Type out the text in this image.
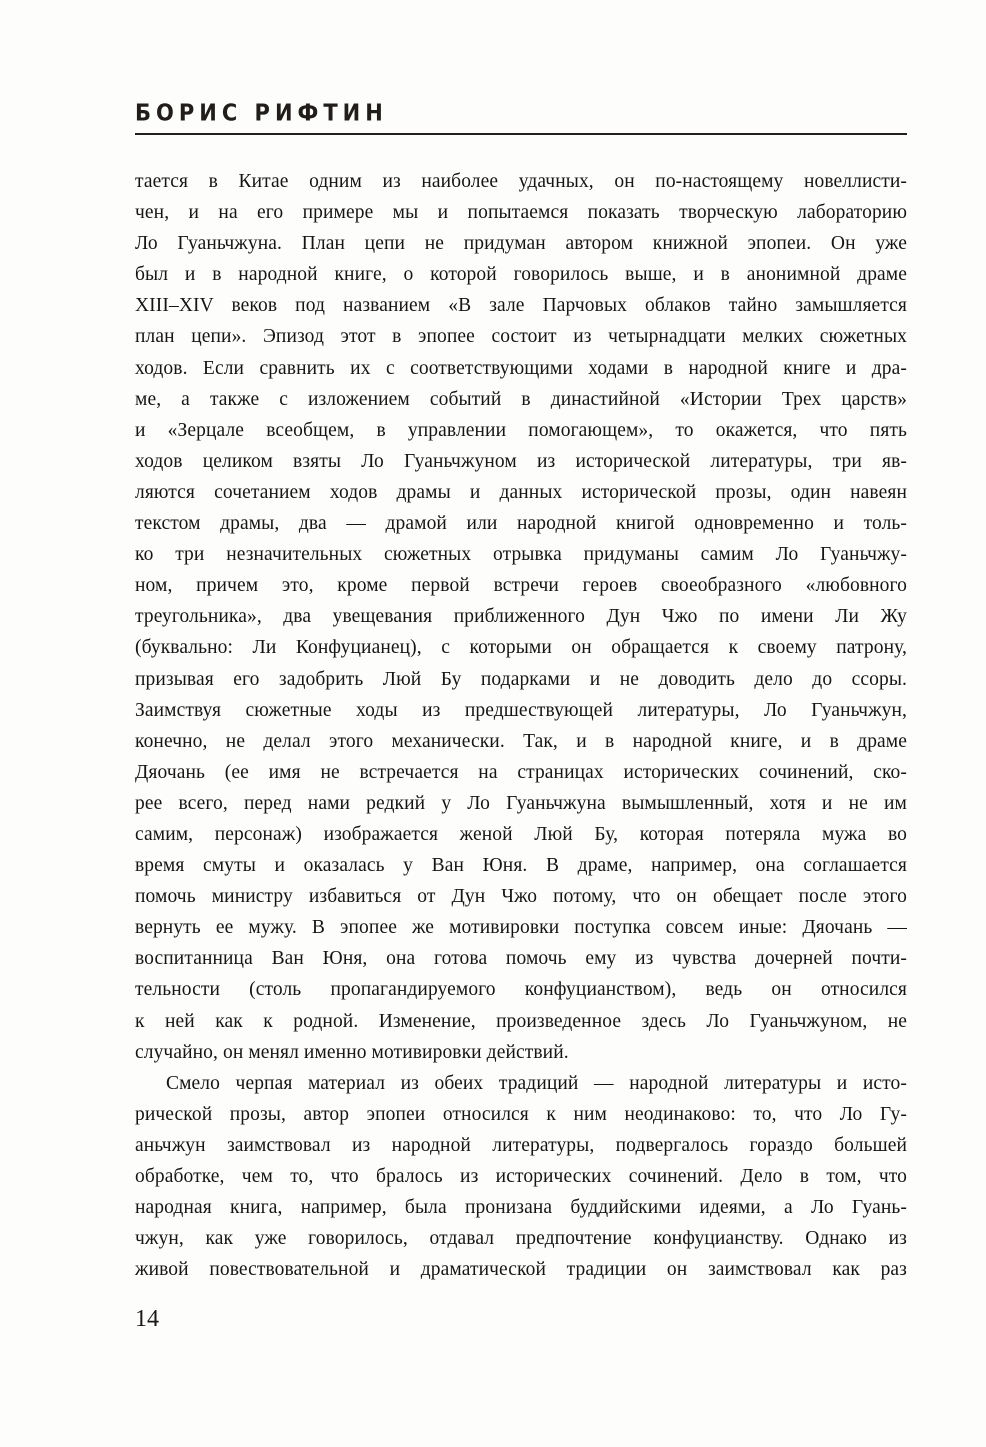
БОРИС РИФТИН
тается в Китае одним из наиболее удачных, он по-настоящему новеллисти-
чен, и на его примере мы и попытаемся показать творческую лабораторию
Ло Гуаньчжуна. План цепи не придуман автором книжной эпопеи. Он уже
был и в народной книге, о которой говорилось выше, и в анонимной драме
XIII–XIV веков под названием «В зале Парчовых облаков тайно замышляется
план цепи». Эпизод этот в эпопее состоит из четырнадцати мелких сюжетных
ходов. Если сравнить их с соответствующими ходами в народной книге и дра-
ме, а также с изложением событий в династийной «Истории Трех царств»
и «Зерцале всеобщем, в управлении помогающем», то окажется, что пять
ходов целиком взяты Ло Гуаньчжуном из исторической литературы, три яв-
ляются сочетанием ходов драмы и данных исторической прозы, один навеян
текстом драмы, два — драмой или народной книгой одновременно и толь-
ко три незначительных сюжетных отрывка придуманы самим Ло Гуаньчжу-
ном, причем это, кроме первой встречи героев своеобразного «любовного
треугольника», два увещевания приближенного Дун Чжо по имени Ли Жу
(буквально: Ли Конфуцианец), с которыми он обращается к своему патрону,
призывая его задобрить Люй Бу подарками и не доводить дело до ссоры.
Заимствуя сюжетные ходы из предшествующей литературы, Ло Гуаньчжун,
конечно, не делал этого механически. Так, и в народной книге, и в драме
Дяочань (ее имя не встречается на страницах исторических сочинений, ско-
рее всего, перед нами редкий у Ло Гуаньчжуна вымышленный, хотя и не им
самим, персонаж) изображается женой Люй Бу, которая потеряла мужа во
время смуты и оказалась у Ван Юня. В драме, например, она соглашается
помочь министру избавиться от Дун Чжо потому, что он обещает после этого
вернуть ее мужу. В эпопее же мотивировки поступка совсем иные: Дяочань —
воспитанница Ван Юня, она готова помочь ему из чувства дочерней почти-
тельности (столь пропагандируемого конфуцианством), ведь он относился
к ней как к родной. Изменение, произведенное здесь Ло Гуаньчжуном, не
случайно, он менял именно мотивировки действий.
Смело черпая материал из обеих традиций — народной литературы и исто-
рической прозы, автор эпопеи относился к ним неодинаково: то, что Ло Гу-
аньчжун заимствовал из народной литературы, подвергалось гораздо большей
обработке, чем то, что бралось из исторических сочинений. Дело в том, что
народная книга, например, была пронизана буддийскими идеями, а Ло Гуань-
чжун, как уже говорилось, отдавал предпочтение конфуцианству. Однако из
живой повествовательной и драматической традиции он заимствовал как раз
14
